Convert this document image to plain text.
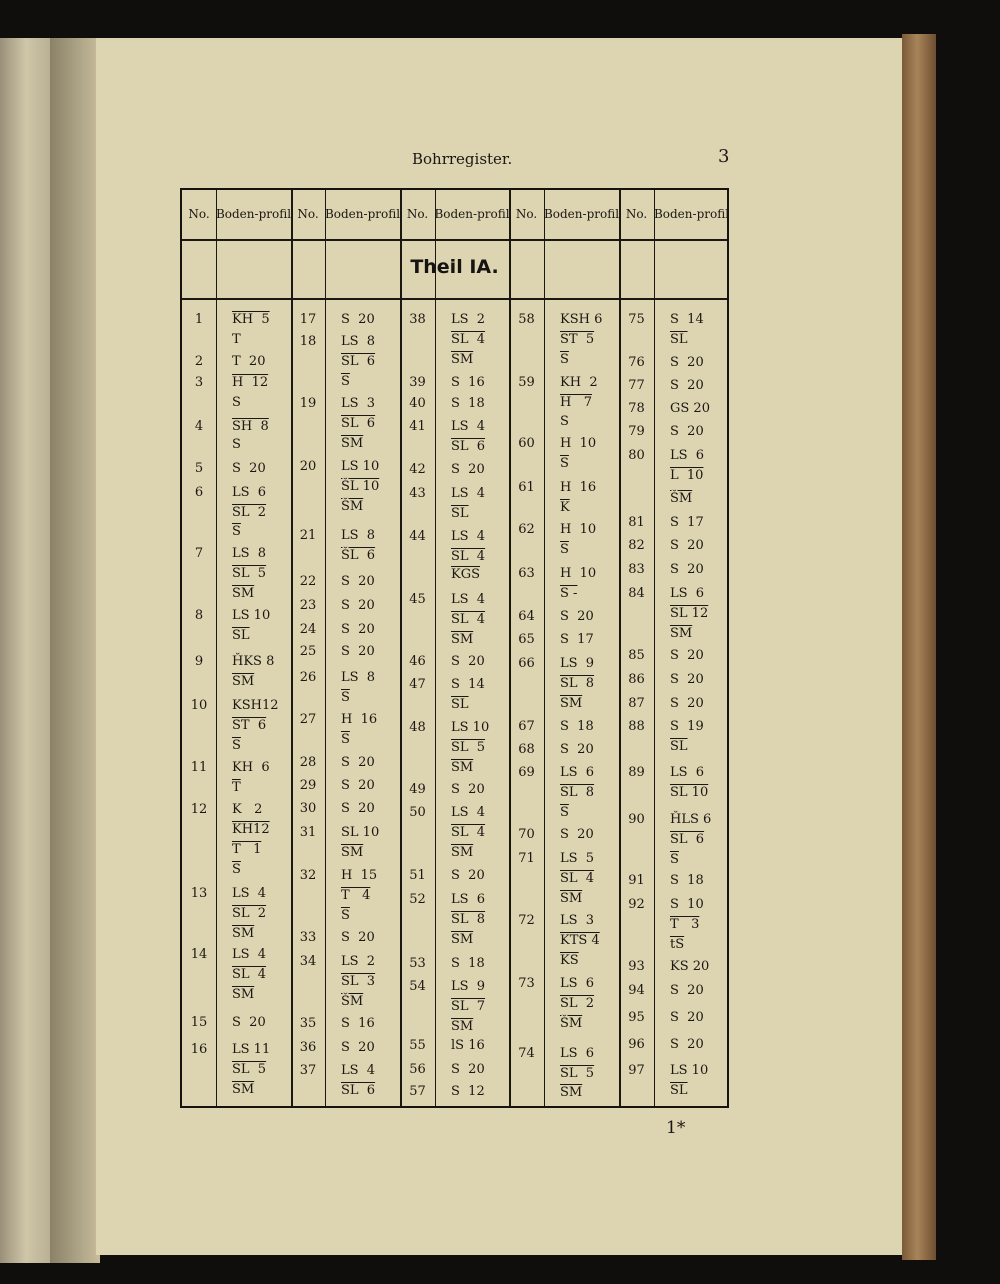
Bohrregister.	3
1*
Theil IA.
No. Boden- profil
1
2
3
4
5
6
7
8
9
10
11
12
13
14
15
16
KH  5
T
T  20
H  12
S
SH  8
S
S  20
LS  6
SL  2
$\overline{S}$
LS  8
SL  5
$\overline{SM}$
LS 10
$\overline{SL}$
ȞKS 8
$\overline{SM}$
KSH12
ST  6
$\overline{S}$
KH  6
$\overline{T}$
K   2
KH12
T   1
$\overline{S}$
LS  4
SL  2
$\overline{SM}$
LS  4
SL  4
$\overline{SM}$
S  20
LS 11
SL  5
$\overline{SM}$
No. Boden- profil
17
18
19
20
21
22
23
24
25
26
27
28
29
30
31
32
33
34
35
36
37
S  20
LS  8
SL  6
$\overline{S}$
LS  3
SL  6
$\overline{SM}$
LS 10
ŠL 10
$\overline{ŠM}$
LS  8
ŠL  6
S  20
S  20
S  20
S  20
LS  8
$\overline{S}$
H  16
$\overline{S}$
S  20
S  20
S  20
SL 10
$\overline{SM}$
H  15
T   4
$\overline{S}$
S  20
LS  2
SL  3
$\overline{ŠM}$
S  16
S  20
LS  4
SL  6
No. Boden- profil
38
39
40
41
42
43
44
45
46
47
48
49
50
51
52
53
54
55
56
57
LS  2
SL  4
$\overline{SM}$
S  16
S  18
LS  4
SL  6
S  20
LS  4
$\overline{SL}$
LS  4
SL  4
$\overline{KGS}$
LS  4
SL  4
$\overline{SM}$
S  20
S  14
$\overline{SL}$
LS 10
SL  5
$\overline{SM}$
S  20
LS  4
SL  4
$\overline{SM}$
S  20
LS  6
SL  8
$\overline{SM}$
S  18
LS  9
SL  7
$\overline{SM}$
lS 16
S  20
S  12
No. Boden- profil
58
59
60
61
62
63
64
65
66
67
68
69
70
71
72
73
74
KSH 6
ST  5
$\overline{S}$
KH  2
H   7
S
H  10
$\overline{S}$
H  16
$\overline{K}$
H  10
$\overline{S}$
H  10
S -
S  20
S  17
LS  9
SL  8
$\overline{SM}$
S  18
S  20
LS  6
SL  8
$\overline{S}$
S  20
LS  5
SL  4
$\overline{SM}$
LS  3
KTS 4
$\overline{KS}$
LS  6
SL  2
$\overline{ŠM}$
LS  6
SL  5
$\overline{SM}$
No. Boden- profil
75
76
77
78
79
80
81
82
83
84
85
86
87
88
89
90
91
92
93
94
95
96
97
S  14
$\overline{SL}$
S  20
S  20
GS 20
S  20
LS  6
L  10
$\overline{ŠM}$
S  17
S  20
S  20
LS  6
SL 12
$\overline{SM}$
S  20
S  20
S  20
S  19
$\overline{SL}$
LS  6
SL 10
ȞLS 6
SL  6
$\overline{S}$
S  18
S  10
T   3
$\overline{tS}$
KS 20
S  20
S  20
S  20
LS 10
$\overline{SL}$
